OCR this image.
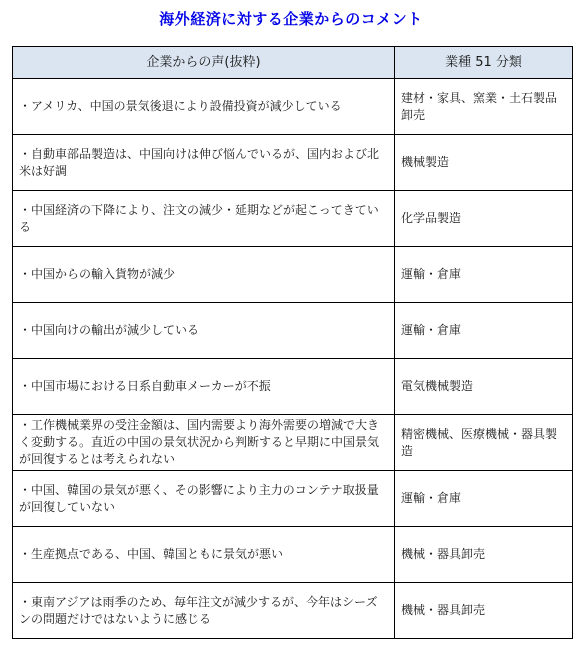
海外経済に対する企業からのコメント
企業からの声(抜粋)	業種 51 分類
・アメリカ、中国の景気後退により設備投資が減少している	建材・家具、窯業・土石製品卸売
・自動車部品製造は、中国向けは伸び悩んでいるが、国内および北米は好調	機械製造
・中国経済の下降により、注文の減少・延期などが起こってきている	化学品製造
・中国からの輸入貨物が減少	運輸・倉庫
・中国向けの輸出が減少している	運輸・倉庫
・中国市場における日系自動車メーカーが不振	電気機械製造
・工作機械業界の受注金額は、国内需要より海外需要の増減で大きく変動する。直近の中国の景気状況から判断すると早期に中国景気が回復するとは考えられない	精密機械、医療機械・器具製造
・中国、韓国の景気が悪く、その影響により主力のコンテナ取扱量が回復していない	運輸・倉庫
・生産拠点である、中国、韓国ともに景気が悪い	機械・器具卸売
・東南アジアは雨季のため、毎年注文が減少するが、今年はシーズンの問題だけではないように感じる	機械・器具卸売
